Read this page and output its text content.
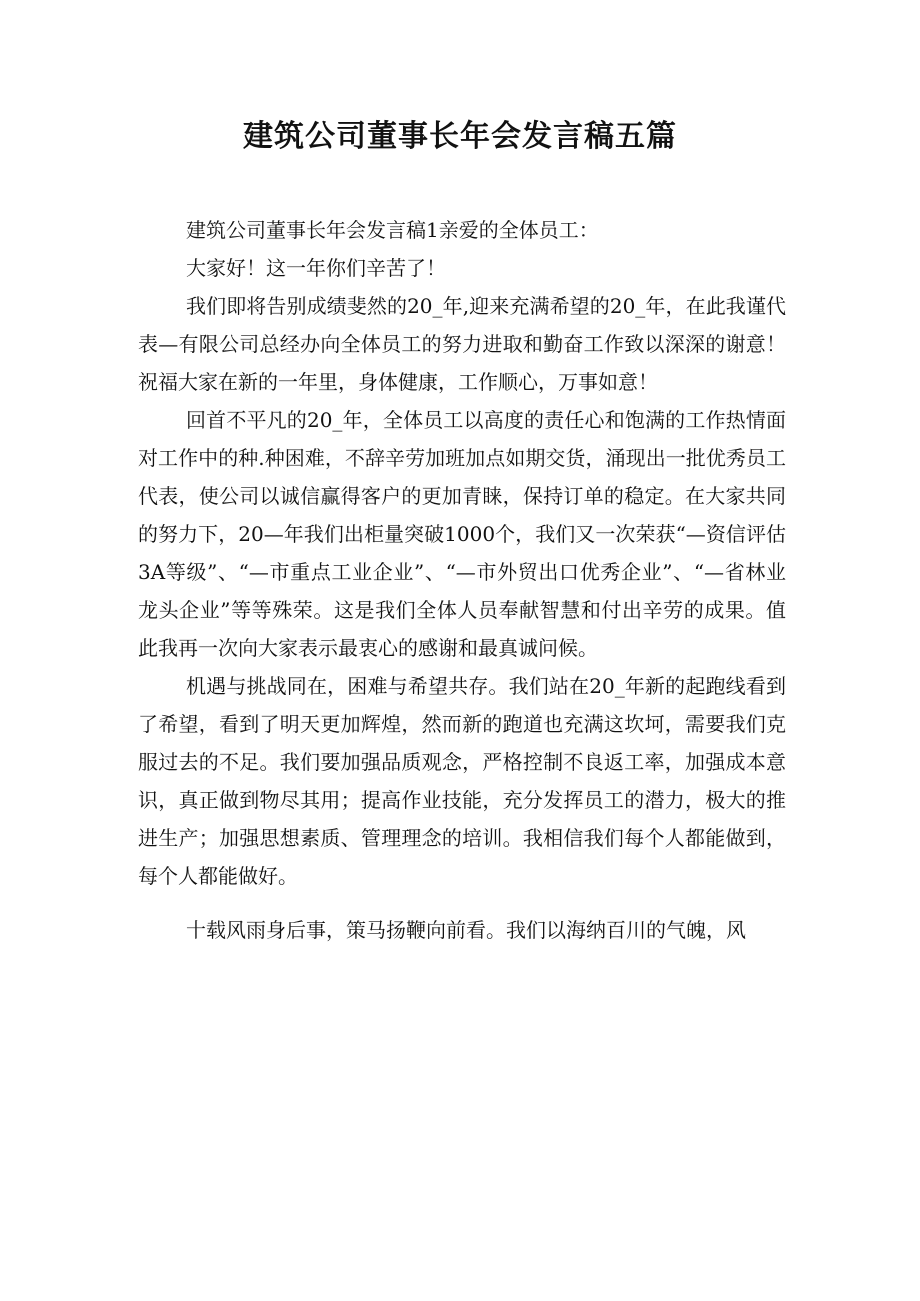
建筑公司董事长年会发言稿五篇

建筑公司董事长年会发言稿1亲爱的全体员工：

大家好！这一年你们辛苦了！

我们即将告别成绩斐然的20_年,迎来充满希望的20_年，在此我谨代表—有限公司总经办向全体员工的努力进取和勤奋工作致以深深的谢意！祝福大家在新的一年里，身体健康，工作顺心，万事如意！

回首不平凡的20_年，全体员工以高度的责任心和饱满的工作热情面对工作中的种.种困难，不辞辛劳加班加点如期交货，涌现出一批优秀员工代表，使公司以诚信赢得客户的更加青睐，保持订单的稳定。在大家共同的努力下，20—年我们出柜量突破1000个，我们又一次荣获“—资信评估3A等级”、“—市重点工业企业”、“—市外贸出口优秀企业”、“—省林业龙头企业”等等殊荣。这是我们全体人员奉献智慧和付出辛劳的成果。值此我再一次向大家表示最衷心的感谢和最真诚问候。

机遇与挑战同在，困难与希望共存。我们站在20_年新的起跑线看到了希望，看到了明天更加辉煌，然而新的跑道也充满这坎坷，需要我们克服过去的不足。我们要加强品质观念，严格控制不良返工率，加强成本意识，真正做到物尽其用；提高作业技能，充分发挥员工的潜力，极大的推进生产；加强思想素质、管理理念的培训。我相信我们每个人都能做到，每个人都能做好。

十载风雨身后事，策马扬鞭向前看。我们以海纳百川的气魄，风
